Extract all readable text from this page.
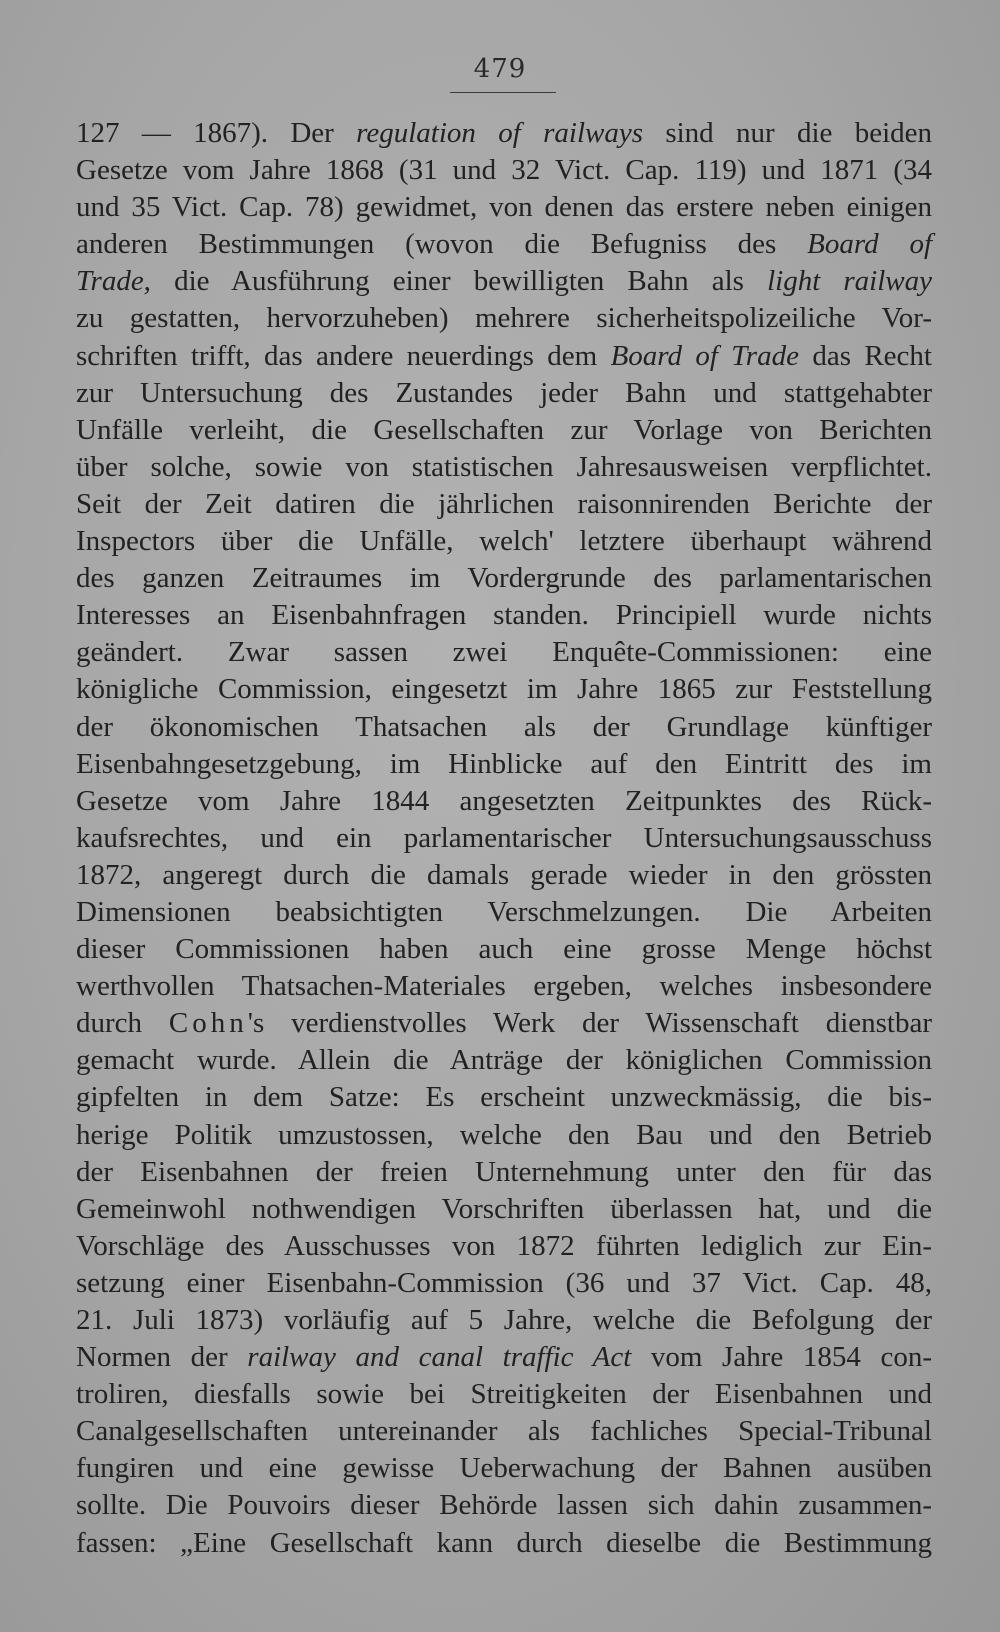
479
127 — 1867). Der regulation of railways sind nur die beiden
Gesetze vom Jahre 1868 (31 und 32 Vict. Cap. 119) und 1871 (34
und 35 Vict. Cap. 78) gewidmet, von denen das erstere neben einigen
anderen Bestimmungen (wovon die Befugniss des Board of
Trade, die Ausführung einer bewilligten Bahn als light railway
zu gestatten, hervorzuheben) mehrere sicherheitspolizeiliche Vor-
schriften trifft, das andere neuerdings dem Board of Trade das Recht
zur Untersuchung des Zustandes jeder Bahn und stattgehabter
Unfälle verleiht, die Gesellschaften zur Vorlage von Berichten
über solche, sowie von statistischen Jahresausweisen verpflichtet.
Seit der Zeit datiren die jährlichen raisonnirenden Berichte der
Inspectors über die Unfälle, welch' letztere überhaupt während
des ganzen Zeitraumes im Vordergrunde des parlamentarischen
Interesses an Eisenbahnfragen standen. Principiell wurde nichts
geändert. Zwar sassen zwei Enquête-Commissionen: eine
königliche Commission, eingesetzt im Jahre 1865 zur Feststellung
der ökonomischen Thatsachen als der Grundlage künftiger
Eisenbahngesetzgebung, im Hinblicke auf den Eintritt des im
Gesetze vom Jahre 1844 angesetzten Zeitpunktes des Rück-
kaufsrechtes, und ein parlamentarischer Untersuchungsausschuss
1872, angeregt durch die damals gerade wieder in den grössten
Dimensionen beabsichtigten Verschmelzungen. Die Arbeiten
dieser Commissionen haben auch eine grosse Menge höchst
werthvollen Thatsachen-Materiales ergeben, welches insbesondere
durch Cohn's verdienstvolles Werk der Wissenschaft dienstbar
gemacht wurde. Allein die Anträge der königlichen Commission
gipfelten in dem Satze: Es erscheint unzweckmässig, die bis-
herige Politik umzustossen, welche den Bau und den Betrieb
der Eisenbahnen der freien Unternehmung unter den für das
Gemeinwohl nothwendigen Vorschriften überlassen hat, und die
Vorschläge des Ausschusses von 1872 führten lediglich zur Ein-
setzung einer Eisenbahn-Commission (36 und 37 Vict. Cap. 48,
21. Juli 1873) vorläufig auf 5 Jahre, welche die Befolgung der
Normen der railway and canal traffic Act vom Jahre 1854 con-
troliren, diesfalls sowie bei Streitigkeiten der Eisenbahnen und
Canalgesellschaften untereinander als fachliches Special-Tribunal
fungiren und eine gewisse Ueberwachung der Bahnen ausüben
sollte. Die Pouvoirs dieser Behörde lassen sich dahin zusammen-
fassen: „Eine Gesellschaft kann durch dieselbe die Bestimmung
